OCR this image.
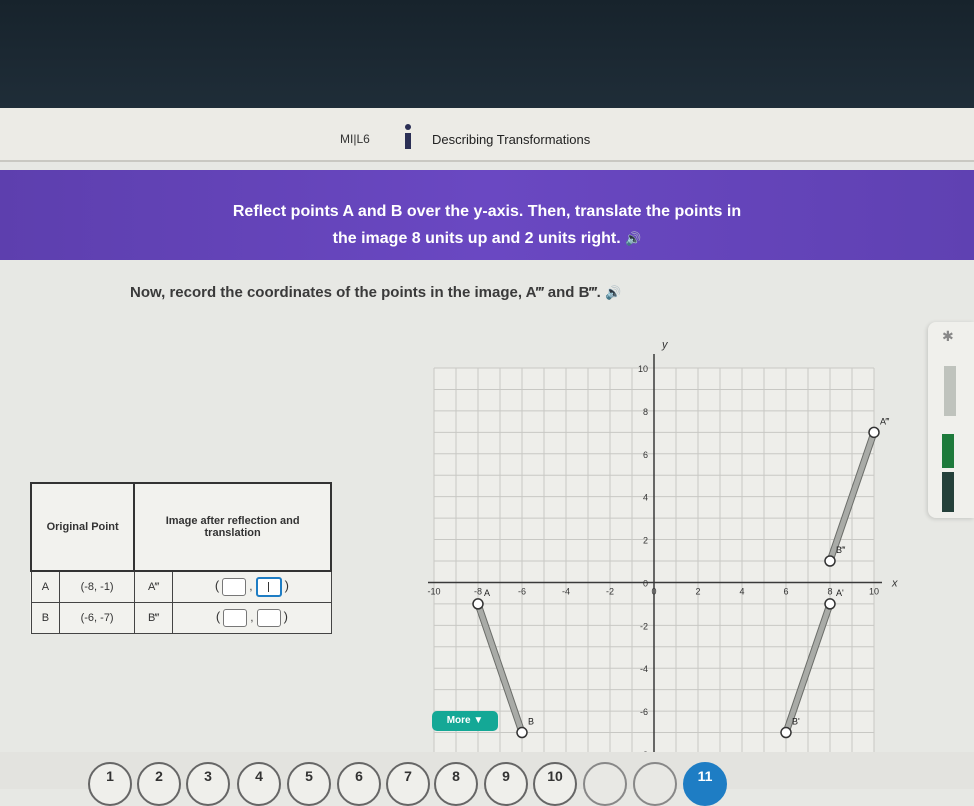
MI|L6	Describing Transformations
Reflect points A and B over the y-axis. Then, translate the points in
the image 8 units up and 2 units right. 🔊
Now, record the coordinates of the points in the image, A‴ and B‴. 🔊
Original Point		Image after reflection and translation	
A	(-8, -1)	A‴	( , )
B	(-6, -7)	B‴	( , )
x
y
-10	-8	-6	-4	-2	0	2	4	6	8	10
10
8
6
4
2
0
-2
-4
-6
A
B
A'
B'
A‴
B‴
More ▼
✱
1	2	3	4	5	6	7	8	9	10	11
